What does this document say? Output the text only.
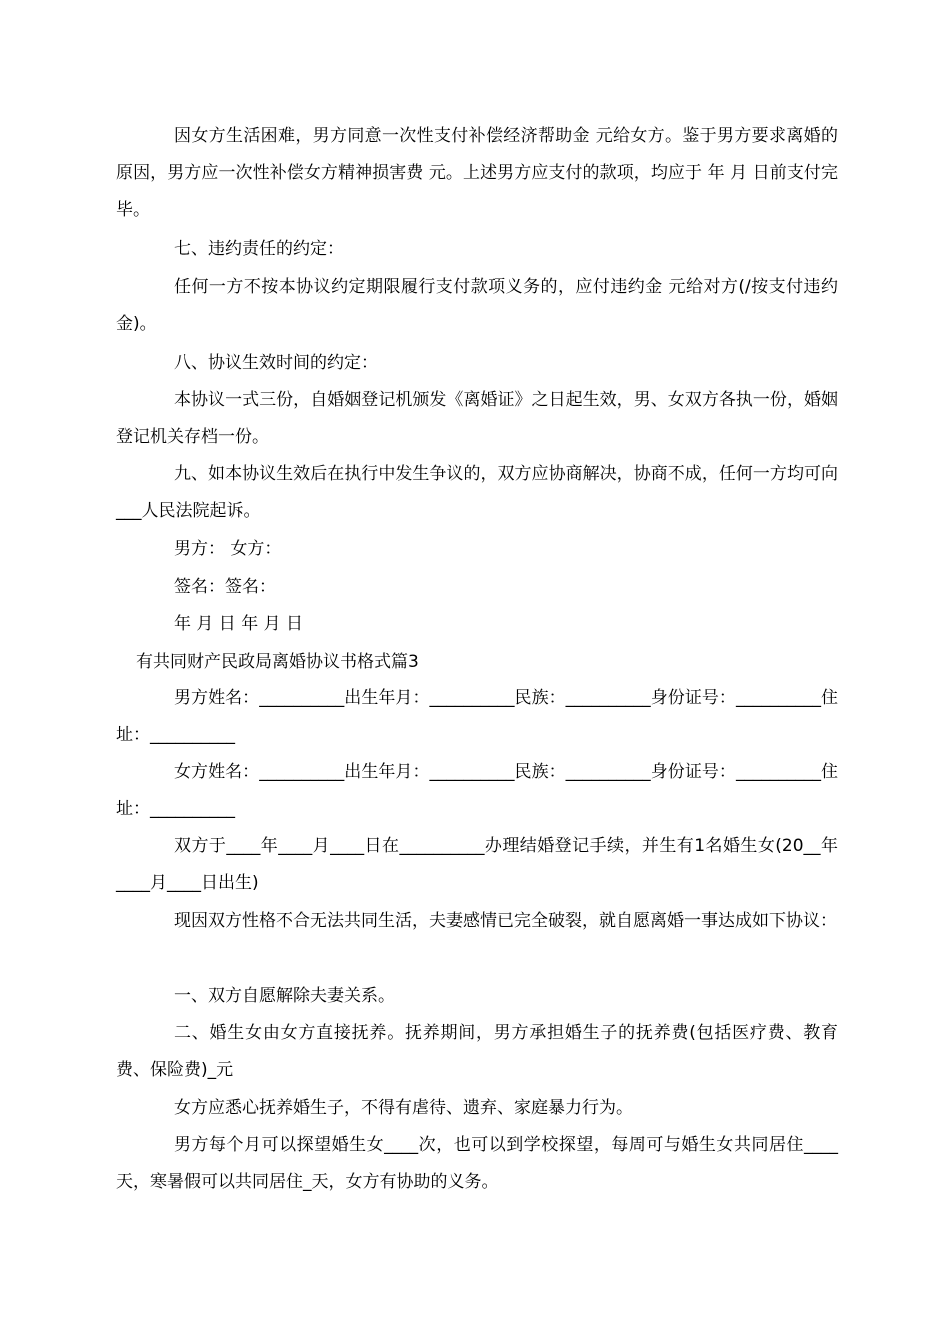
因女方生活困难，男方同意一次性支付补偿经济帮助金 元给女方。鉴于男方要求离婚的原因，男方应一次性补偿女方精神损害费 元。上述男方应支付的款项，均应于 年 月 日前支付完毕。

七、违约责任的约定：

任何一方不按本协议约定期限履行支付款项义务的，应付违约金 元给对方(/按支付违约金)。

八、协议生效时间的约定：

本协议一式三份，自婚姻登记机颁发《离婚证》之日起生效，男、女双方各执一份，婚姻登记机关存档一份。

九、如本协议生效后在执行中发生争议的，双方应协商解决，协商不成，任何一方均可向___人民法院起诉。

男方： 女方：
签名：签名：
年 月 日 年 月 日
有共同财产民政局离婚协议书格式篇3

男方姓名：__________出生年月：__________民族：__________身份证号：__________住址：__________

女方姓名：__________出生年月：__________民族：__________身份证号：__________住址：__________

双方于____年____月____日在__________办理结婚登记手续，并生有1名婚生女(20__年____月____日出生)

现因双方性格不合无法共同生活，夫妻感情已完全破裂，就自愿离婚一事达成如下协议：

一、双方自愿解除夫妻关系。

二、婚生女由女方直接抚养。抚养期间，男方承担婚生子的抚养费(包括医疗费、教育费、保险费)_元

女方应悉心抚养婚生子，不得有虐待、遗弃、家庭暴力行为。

男方每个月可以探望婚生女____次，也可以到学校探望，每周可与婚生女共同居住____天，寒暑假可以共同居住_天，女方有协助的义务。
